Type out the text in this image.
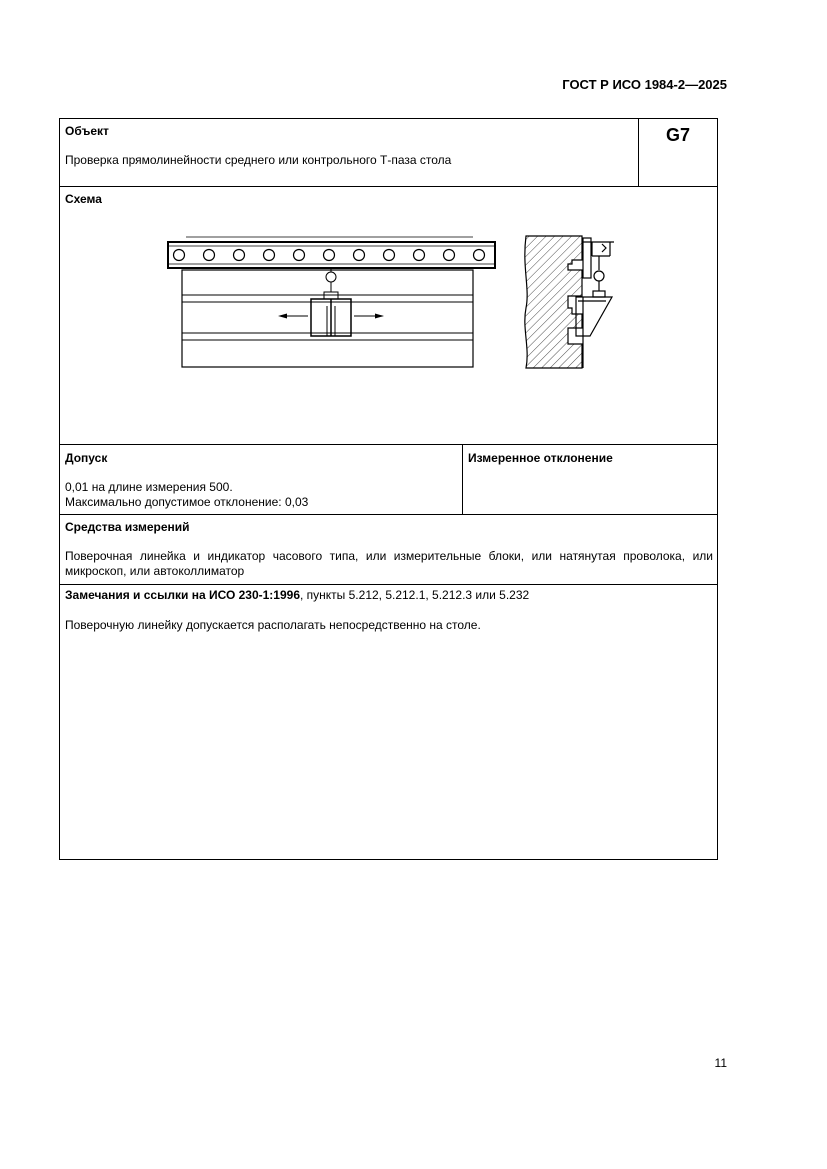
ГОСТ Р ИСО 1984-2—2025
Объект
Проверка прямолинейности среднего или контрольного Т-паза стола
G7
Схема
Допуск
0,01 на длине измерения 500.
Максимально допустимое отклонение: 0,03
Измеренное отклонение
Средства измерений
Поверочная линейка и индикатор часового типа, или измерительные блоки, или натянутая проволока, или микроскоп, или автоколлиматор
Замечания и ссылки на ИСО 230-1:1996, пункты 5.212, 5.212.1, 5.212.3 или 5.232
Поверочную линейку допускается располагать непосредственно на столе.
11
